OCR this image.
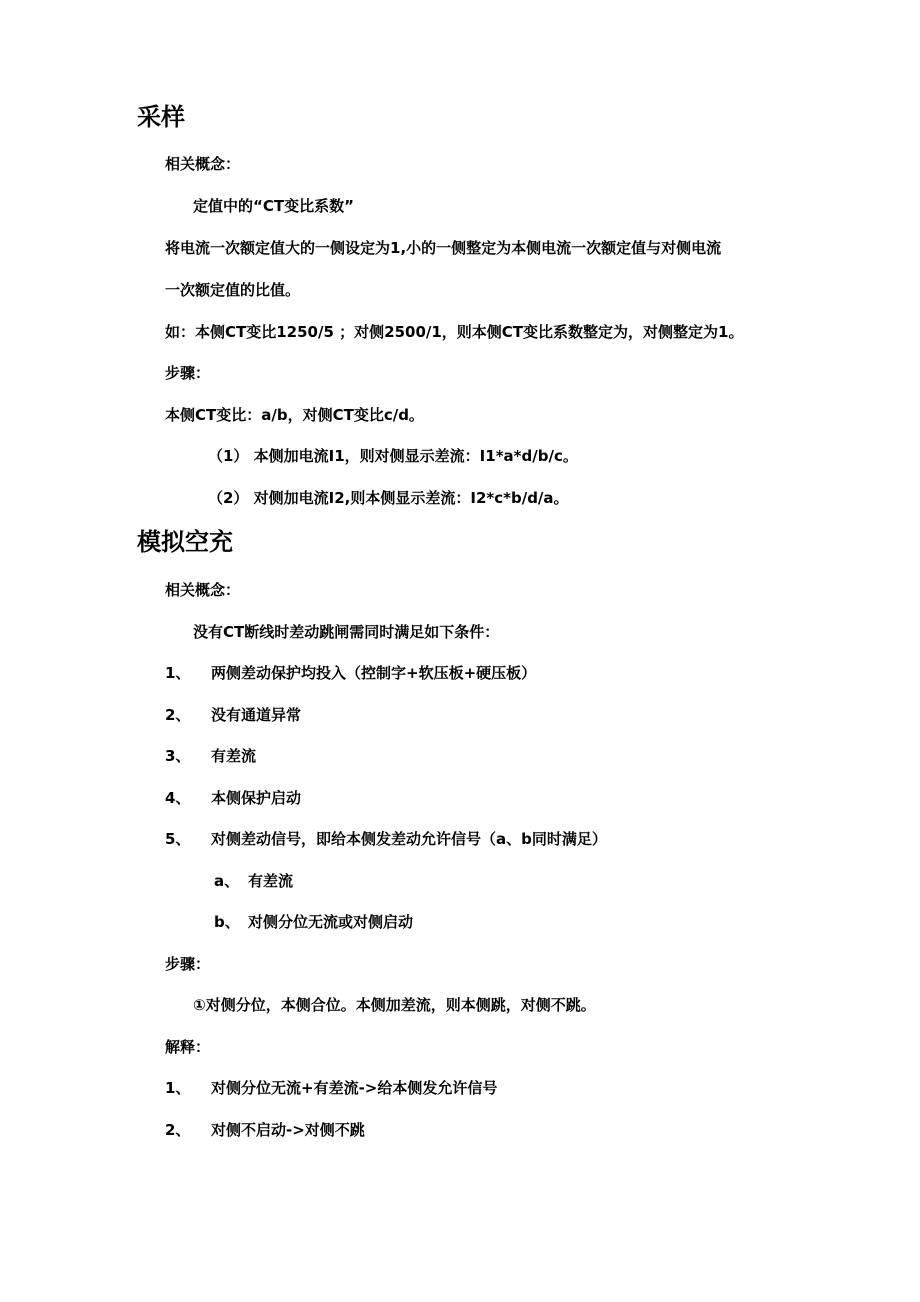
采样
相关概念：
定值中的“CT变比系数”
将电流一次额定值大的一侧设定为1,小的一侧整定为本侧电流一次额定值与对侧电流
一次额定值的比值。
如：本侧CT变比1250/5 ；对侧2500/1，则本侧CT变比系数整定为，对侧整定为1。
步骤：
本侧CT变比：a/b，对侧CT变比c/d。
（1） 本侧加电流I1，则对侧显示差流：I1*a*d/b/c。
（2） 对侧加电流I2,则本侧显示差流：I2*c*b/d/a。
模拟空充
相关概念：
没有CT断线时差动跳闸需同时满足如下条件：
1、 两侧差动保护均投入（控制字+软压板+硬压板）
2、 没有通道异常
3、 有差流
4、 本侧保护启动
5、 对侧差动信号，即给本侧发差动允许信号（a、b同时满足）
a、 有差流
b、 对侧分位无流或对侧启动
步骤：
①对侧分位，本侧合位。本侧加差流，则本侧跳，对侧不跳。
解释：
1、 对侧分位无流+有差流->给本侧发允许信号
2、 对侧不启动->对侧不跳
